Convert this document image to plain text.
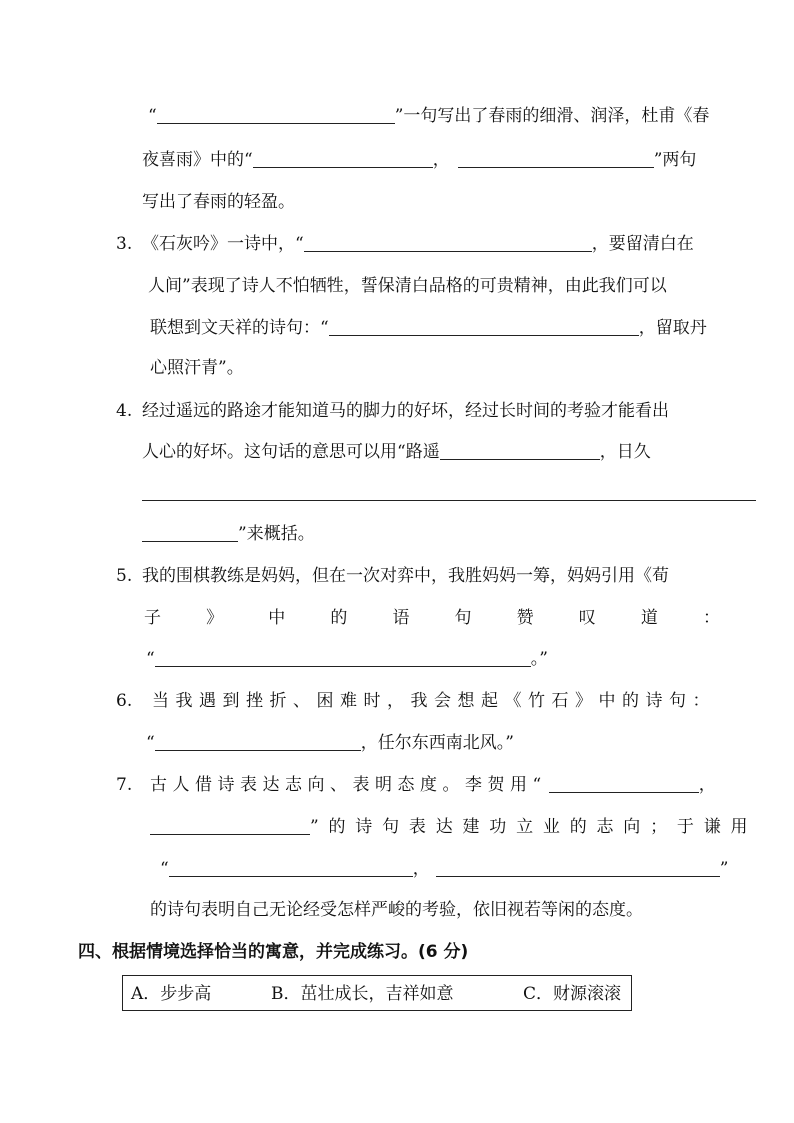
“	”一句写出了春雨的细滑、润泽，杜甫《春
夜喜雨》中的“	，	”两句
写出了春雨的轻盈。
3. 《石灰吟》一诗中，“	，要留清白在
人间”表现了诗人不怕牺牲，誓保清白品格的可贵精神，由此我们可以
联想到文天祥的诗句：“	，留取丹
心照汗青”。
4. 经过遥远的路途才能知道马的脚力的好坏，经过长时间的考验才能看出
人心的好坏。这句话的意思可以用“路遥	，日久
”来概括。
5. 我的围棋教练是妈妈，但在一次对弈中，我胜妈妈一筹，妈妈引用《荀
子	》	中	的	语	句	赞	叹	道	：
“	。”
6. 当我遇到挫折、困难时，我会想起《竹石》中的诗句：
“	，任尔东西南北风。”
7. 古人借诗表达志向、表明态度。李贺用“	，
”的诗句表达建功立业的志向；于谦用
“	，	”
的诗句表明自己无论经受怎样严峻的考验，依旧视若等闲的态度。
四、根据情境选择恰当的寓意，并完成练习。(6 分)
A．步步高	B．茁壮成长，吉祥如意	C．财源滚滚
